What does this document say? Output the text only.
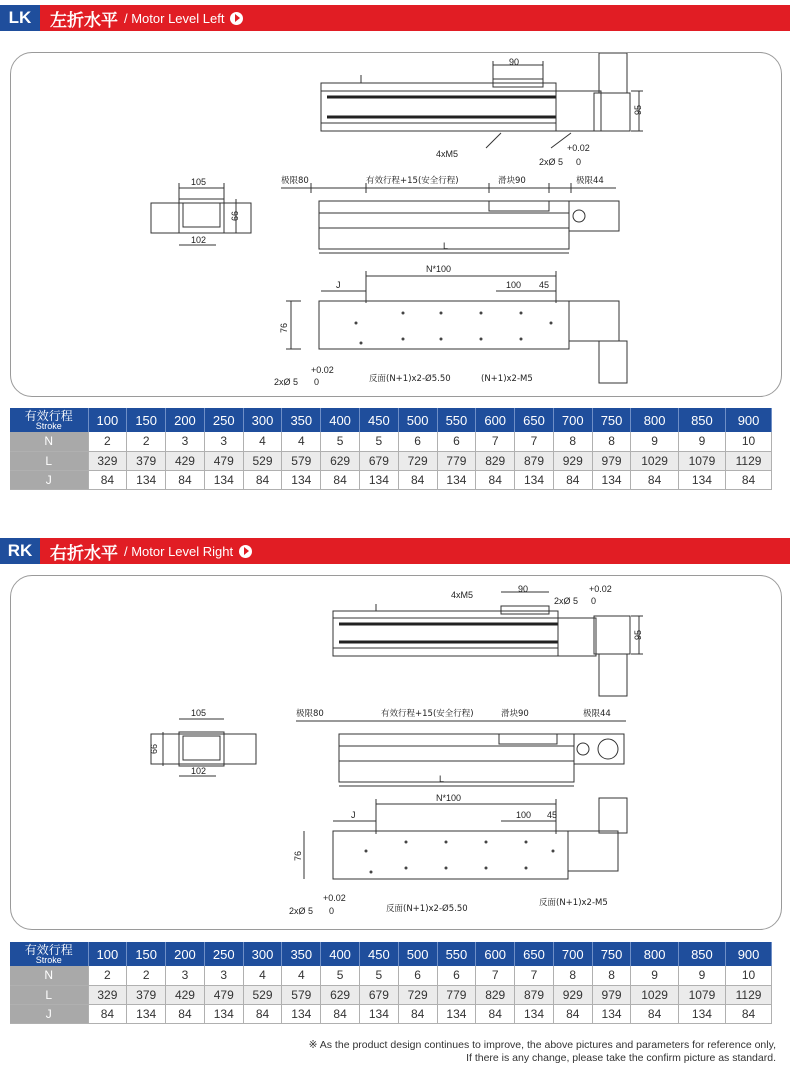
LK	左折水平 / Motor Level Left
90
95
4xM5
+0.02
2xØ 5 0
105
66
102
极限80	有效行程+15(安全行程)	滑块90	极限44
L
N*100
J	100 45
76
+0.02
2xØ 5 0	反面(N+1)x2-Ø5.50	(N+1)x2-M5
有效行程
Stroke	100	150	200	250	300	350	400	450	500	550	600	650	700	750	800	850	900
N	2	2	3	3	4	4	5	5	6	6	7	7	8	8	9	9	10
L	329	379	429	479	529	579	629	679	729	779	829	879	929	979	1029	1079	1129
J	84	134	84	134	84	134	84	134	84	134	84	134	84	134	84	134	84
RK	右折水平 / Motor Level Right
4xM5
90	+0.02
2xØ 5 0
95
105
66
102
极限80	有效行程+15(安全行程)	滑块90	极限44
L
N*100
J	100 45
76
+0.02
2xØ 5 0	反面(N+1)x2-Ø5.50
反面(N+1)x2-M5
有效行程
Stroke	100	150	200	250	300	350	400	450	500	550	600	650	700	750	800	850	900
N	2	2	3	3	4	4	5	5	6	6	7	7	8	8	9	9	10
L	329	379	429	479	529	579	629	679	729	779	829	879	929	979	1029	1079	1129
J	84	134	84	134	84	134	84	134	84	134	84	134	84	134	84	134	84
※ As the product design continues to improve, the above pictures and parameters for reference only,
If there is any change, please take the confirm picture as standard.
